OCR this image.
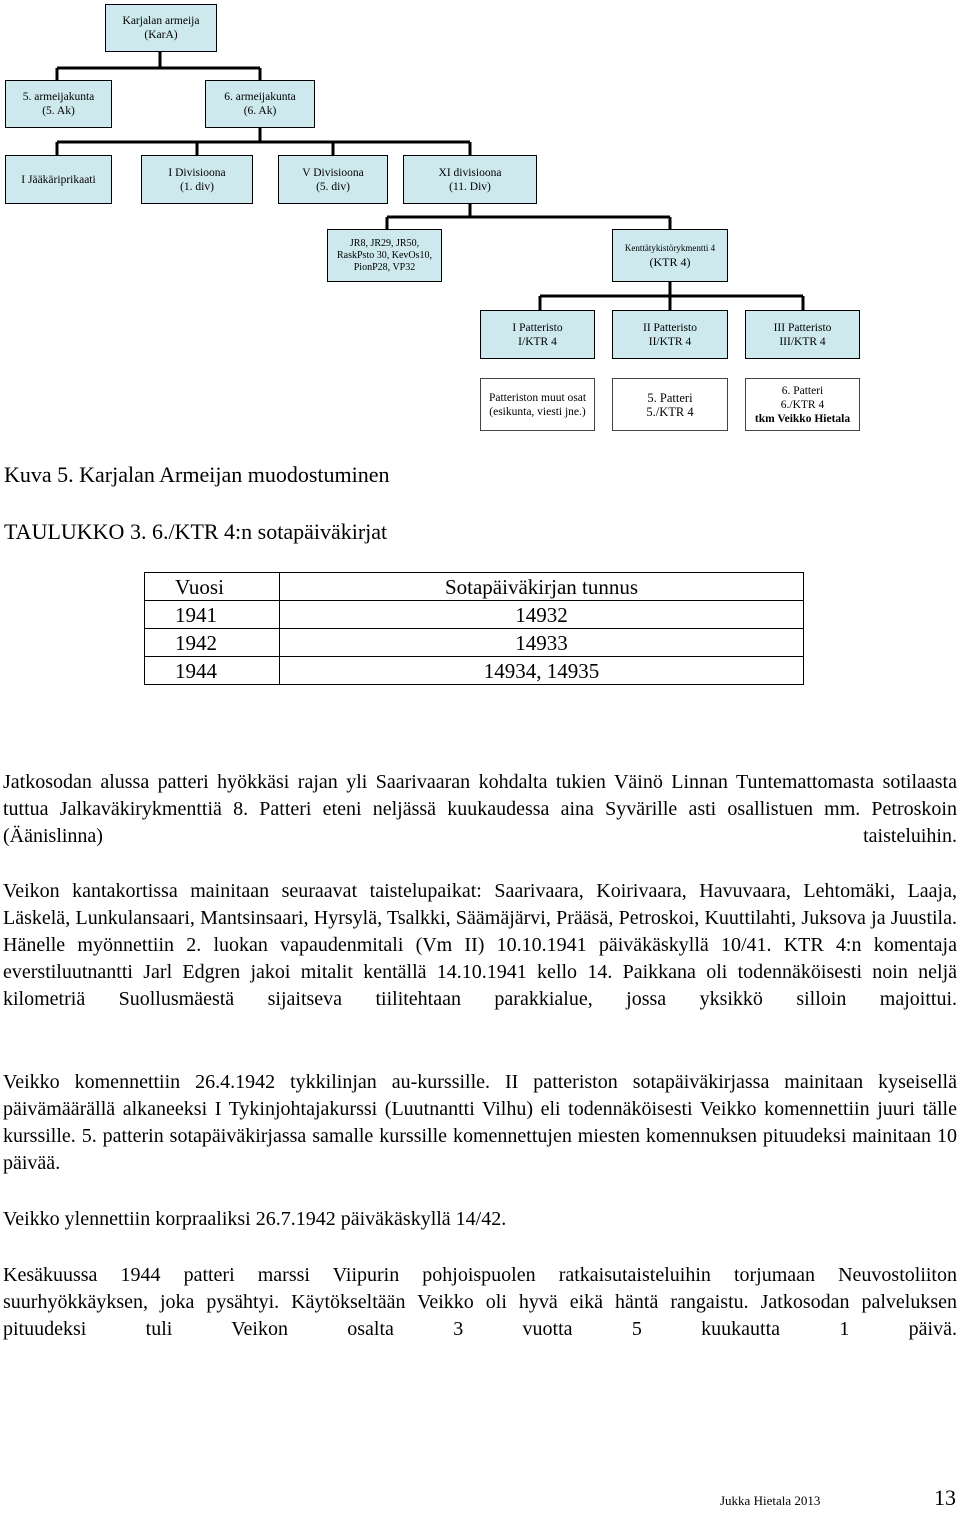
Karjalan armeija
(KarA)
5. armeijakunta
(5. Ak)
6. armeijakunta
(6. Ak)
I Jääkäriprikaati
I Divisioona
(1. div)
V Divisioona
(5. div)
XI divisioona
(11. Div)
JR8, JR29, JR50,
RaskPsto 30, KevOs10,
PionP28, VP32
Kenttätykistörykmentti 4
(KTR 4)
I Patteristo
I/KTR 4
II Patteristo
II/KTR 4
III Patteristo
III/KTR 4
Patteriston muut osat
(esikunta, viesti jne.)
5. Patteri
5./KTR 4
6. Patteri
6./KTR 4
tkm Veikko Hietala
Kuva 5. Karjalan Armeijan muodostuminen
TAULUKKO 3. 6./KTR 4:n sotapäiväkirjat
Vuosi	Sotapäiväkirjan tunnus
1941	14932
1942	14933
1944	14934, 14935

Jatkosodan alussa patteri hyökkäsi rajan yli Saarivaaran kohdalta tukien Väinö Linnan Tuntemattomasta sotilaasta tuttua Jalkaväkirykmenttiä 8. Patteri eteni neljässä kuukaudessa aina Syvärille asti osallistuen mm. Petroskoin (Äänislinna) taisteluihin.

Veikon kantakortissa mainitaan seuraavat taistelupaikat: Saarivaara, Koirivaara, Havuvaara, Lehtomäki, Laaja, Läskelä, Lunkulansaari, Mantsinsaari, Hyrsylä, Tsalkki, Säämäjärvi, Prääsä, Petroskoi, Kuuttilahti, Juksova ja Juustila. Hänelle myönnettiin 2. luokan vapaudenmitali (Vm II) 10.10.1941 päiväkäskyllä 10/41. KTR 4:n komentaja everstiluutnantti Jarl Edgren jakoi mitalit kentällä 14.10.1941 kello 14. Paikkana oli todennäköisesti noin neljä kilometriä Suollusmäestä sijaitseva tiilitehtaan parakkialue, jossa yksikkö silloin majoittui.

Veikko komennettiin 26.4.1942 tykkilinjan au-kurssille. II patteriston sotapäiväkirjassa mainitaan kyseisellä päivämäärällä alkaneeksi I Tykinjohtajakurssi (Luutnantti Vilhu) eli todennäköisesti Veikko komennettiin juuri tälle kurssille. 5. patterin sotapäiväkirjassa samalle kurssille komennettujen miesten komennuksen pituudeksi mainitaan 10 päivää.

Veikko ylennettiin korpraaliksi 26.7.1942 päiväkäskyllä 14/42.

Kesäkuussa 1944 patteri marssi Viipurin pohjoispuolen ratkaisutaisteluihin torjumaan Neuvostoliiton suurhyökkäyksen, joka pysähtyi. Käytökseltään Veikko oli hyvä eikä häntä rangaistu. Jatkosodan palveluksen pituudeksi tuli Veikon osalta 3 vuotta 5 kuukautta 1 päivä.

Jukka Hietala 2013	13
